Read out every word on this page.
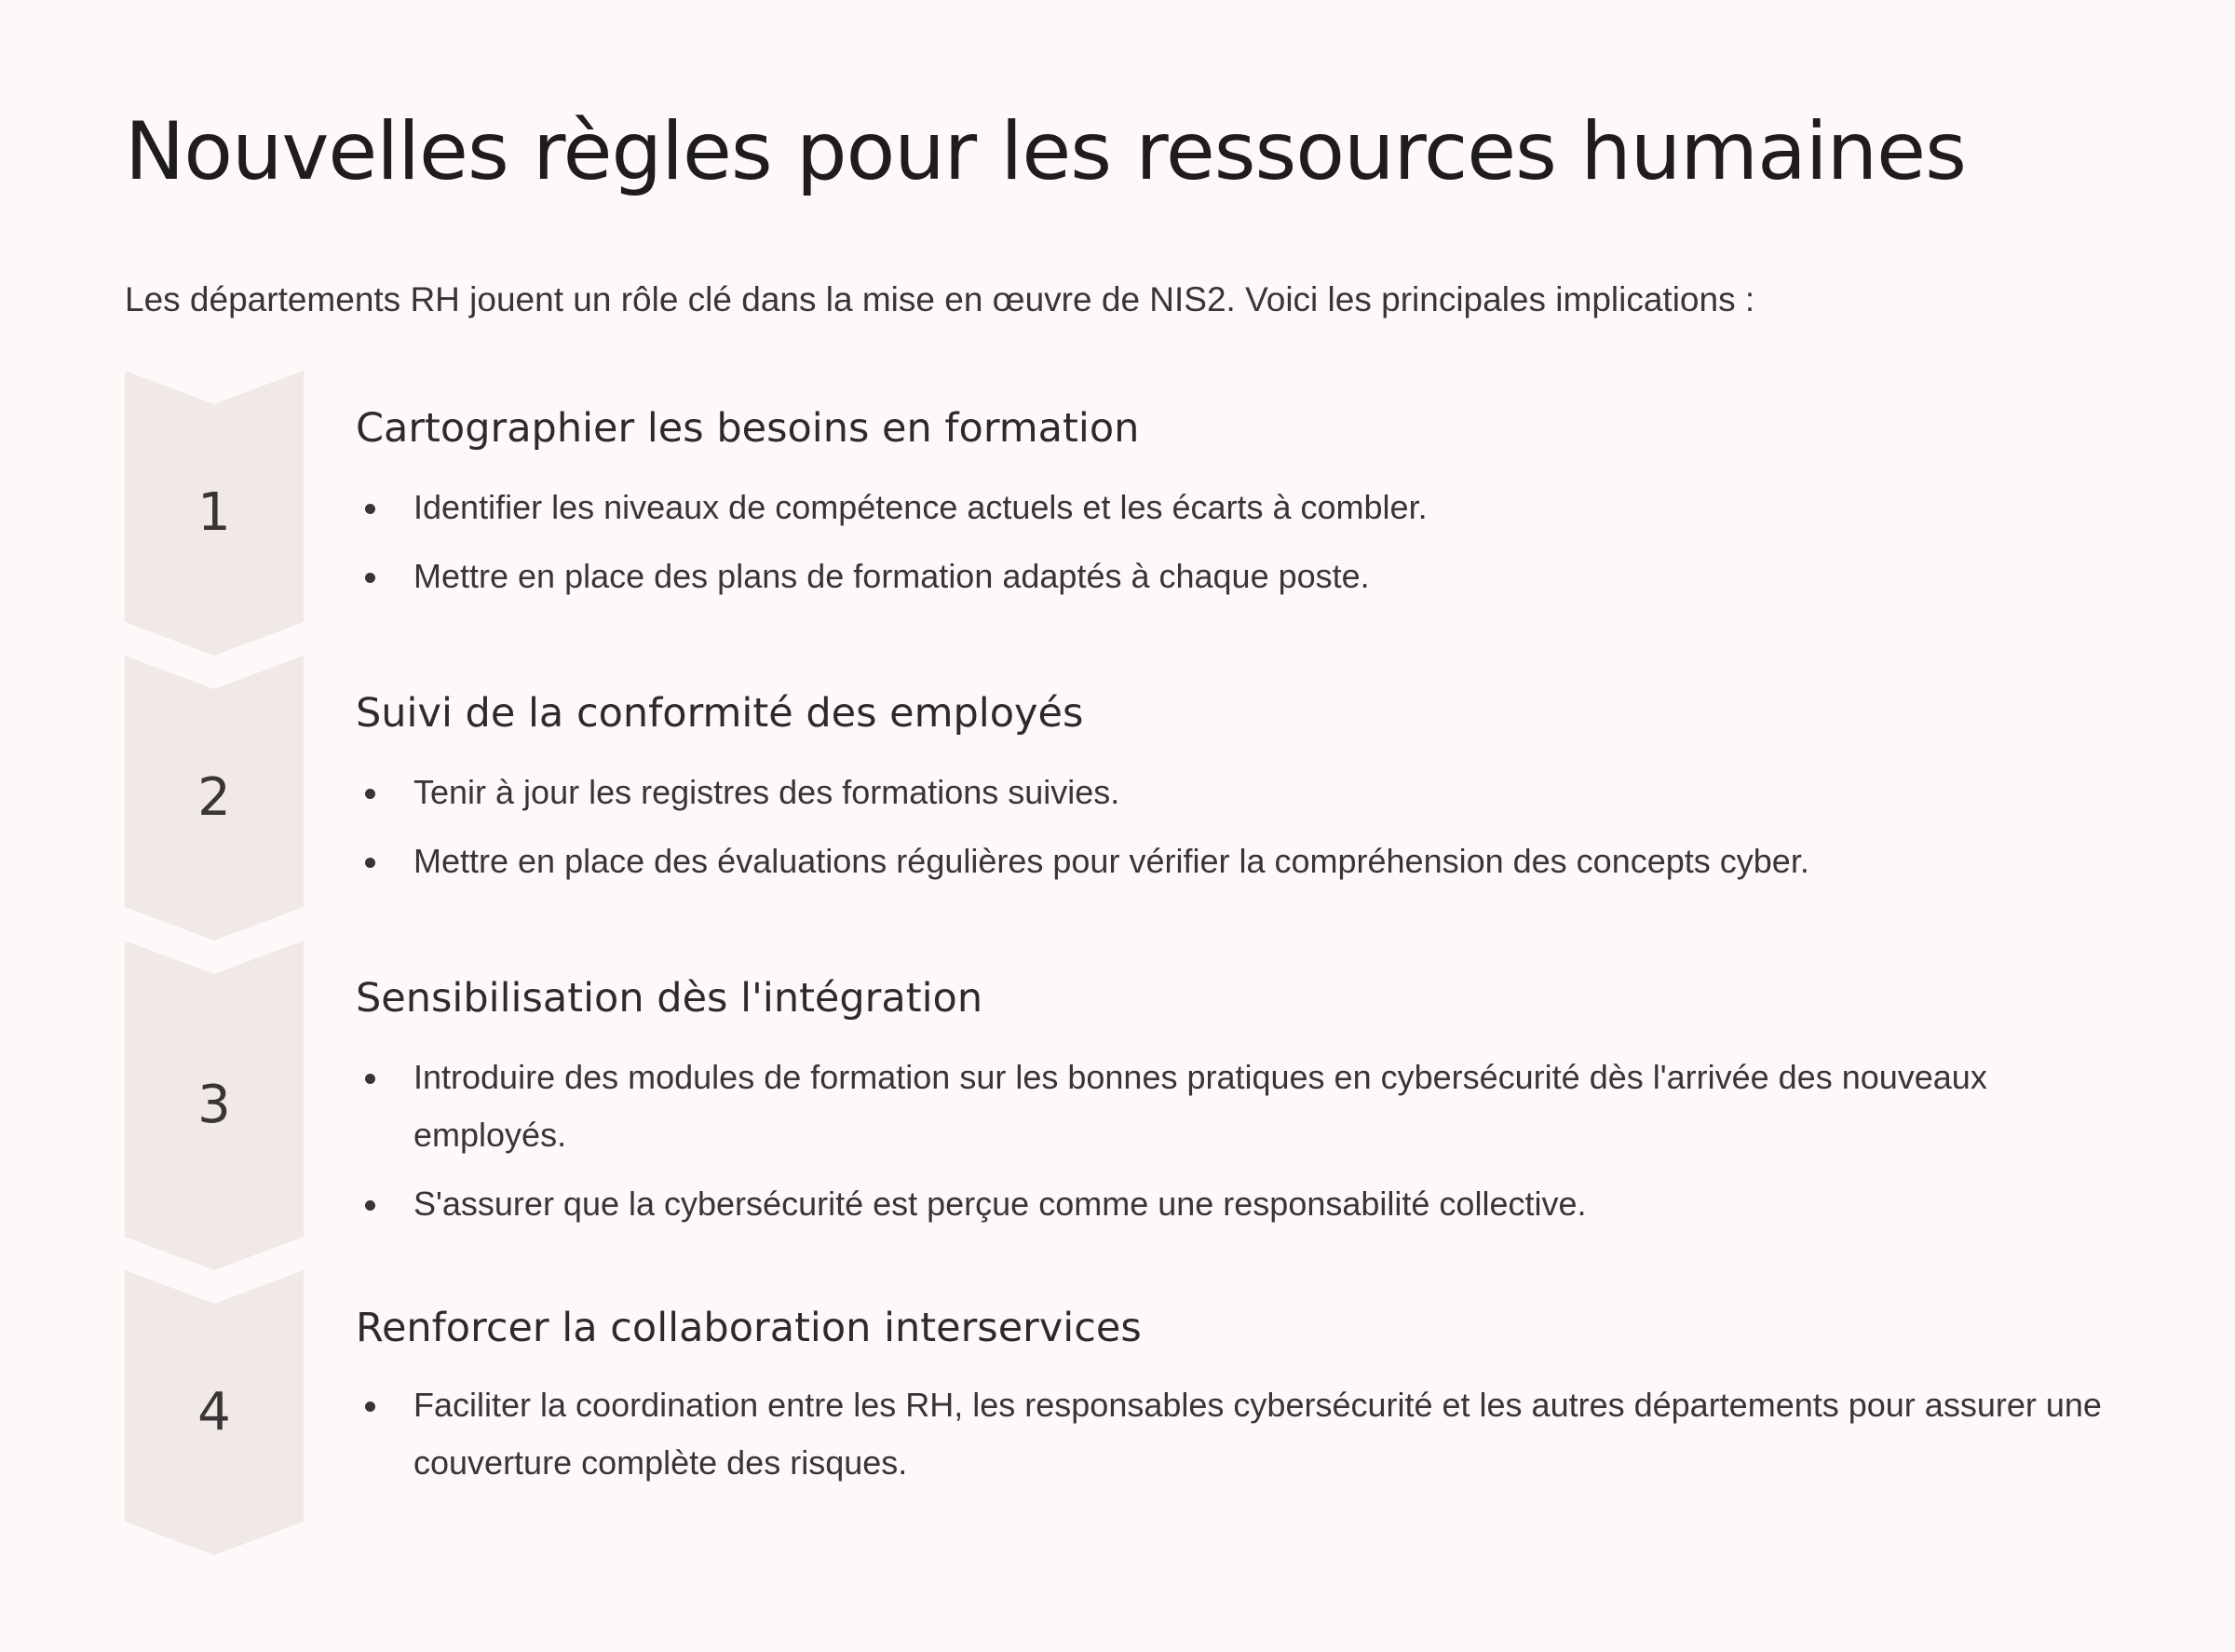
Nouvelles règles pour les ressources humaines

Les départements RH jouent un rôle clé dans la mise en œuvre de NIS2. Voici les principales implications :

1
Cartographier les besoins en formation
Identifier les niveaux de compétence actuels et les écarts à combler.
Mettre en place des plans de formation adaptés à chaque poste.
2
Suivi de la conformité des employés
Tenir à jour les registres des formations suivies.
Mettre en place des évaluations régulières pour vérifier la compréhension des concepts cyber.
3
Sensibilisation dès l'intégration
Introduire des modules de formation sur les bonnes pratiques en cybersécurité dès l'arrivée des nouveaux employés.
S'assurer que la cybersécurité est perçue comme une responsabilité collective.
4
Renforcer la collaboration interservices
Faciliter la coordination entre les RH, les responsables cybersécurité et les autres départements pour assurer une couverture complète des risques.
